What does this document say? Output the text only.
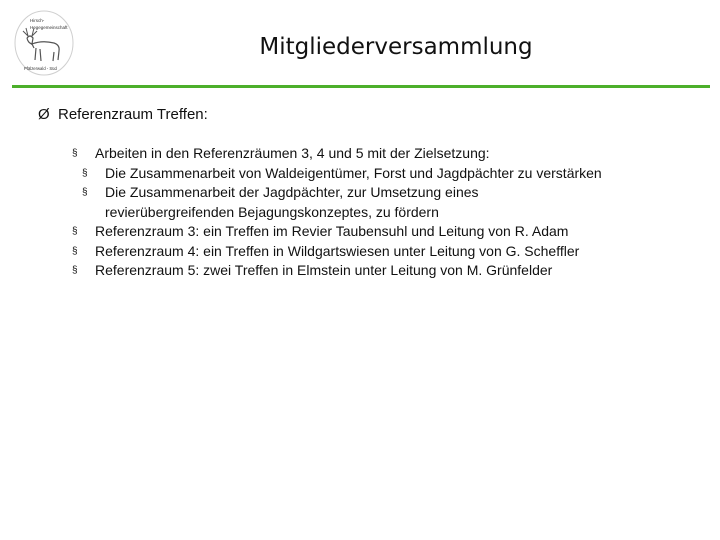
Hirsch-
Hegegemeinschaft
Pfälzerwald - Süd
Mitgliederversammlung
Ø Referenzraum Treffen:
§ Arbeiten in den Referenzräumen 3, 4 und 5 mit der Zielsetzung:
§ Die Zusammenarbeit von Waldeigentümer, Forst und Jagdpächter zu verstärken
§ Die Zusammenarbeit der Jagdpächter, zur Umsetzung eines
revierübergreifenden Bejagungskonzeptes, zu fördern
§ Referenzraum 3: ein Treffen im Revier Taubensuhl und Leitung von R. Adam
§ Referenzraum 4: ein Treffen in Wildgartswiesen unter Leitung von G. Scheffler
§ Referenzraum 5: zwei Treffen in Elmstein unter Leitung von M. Grünfelder
